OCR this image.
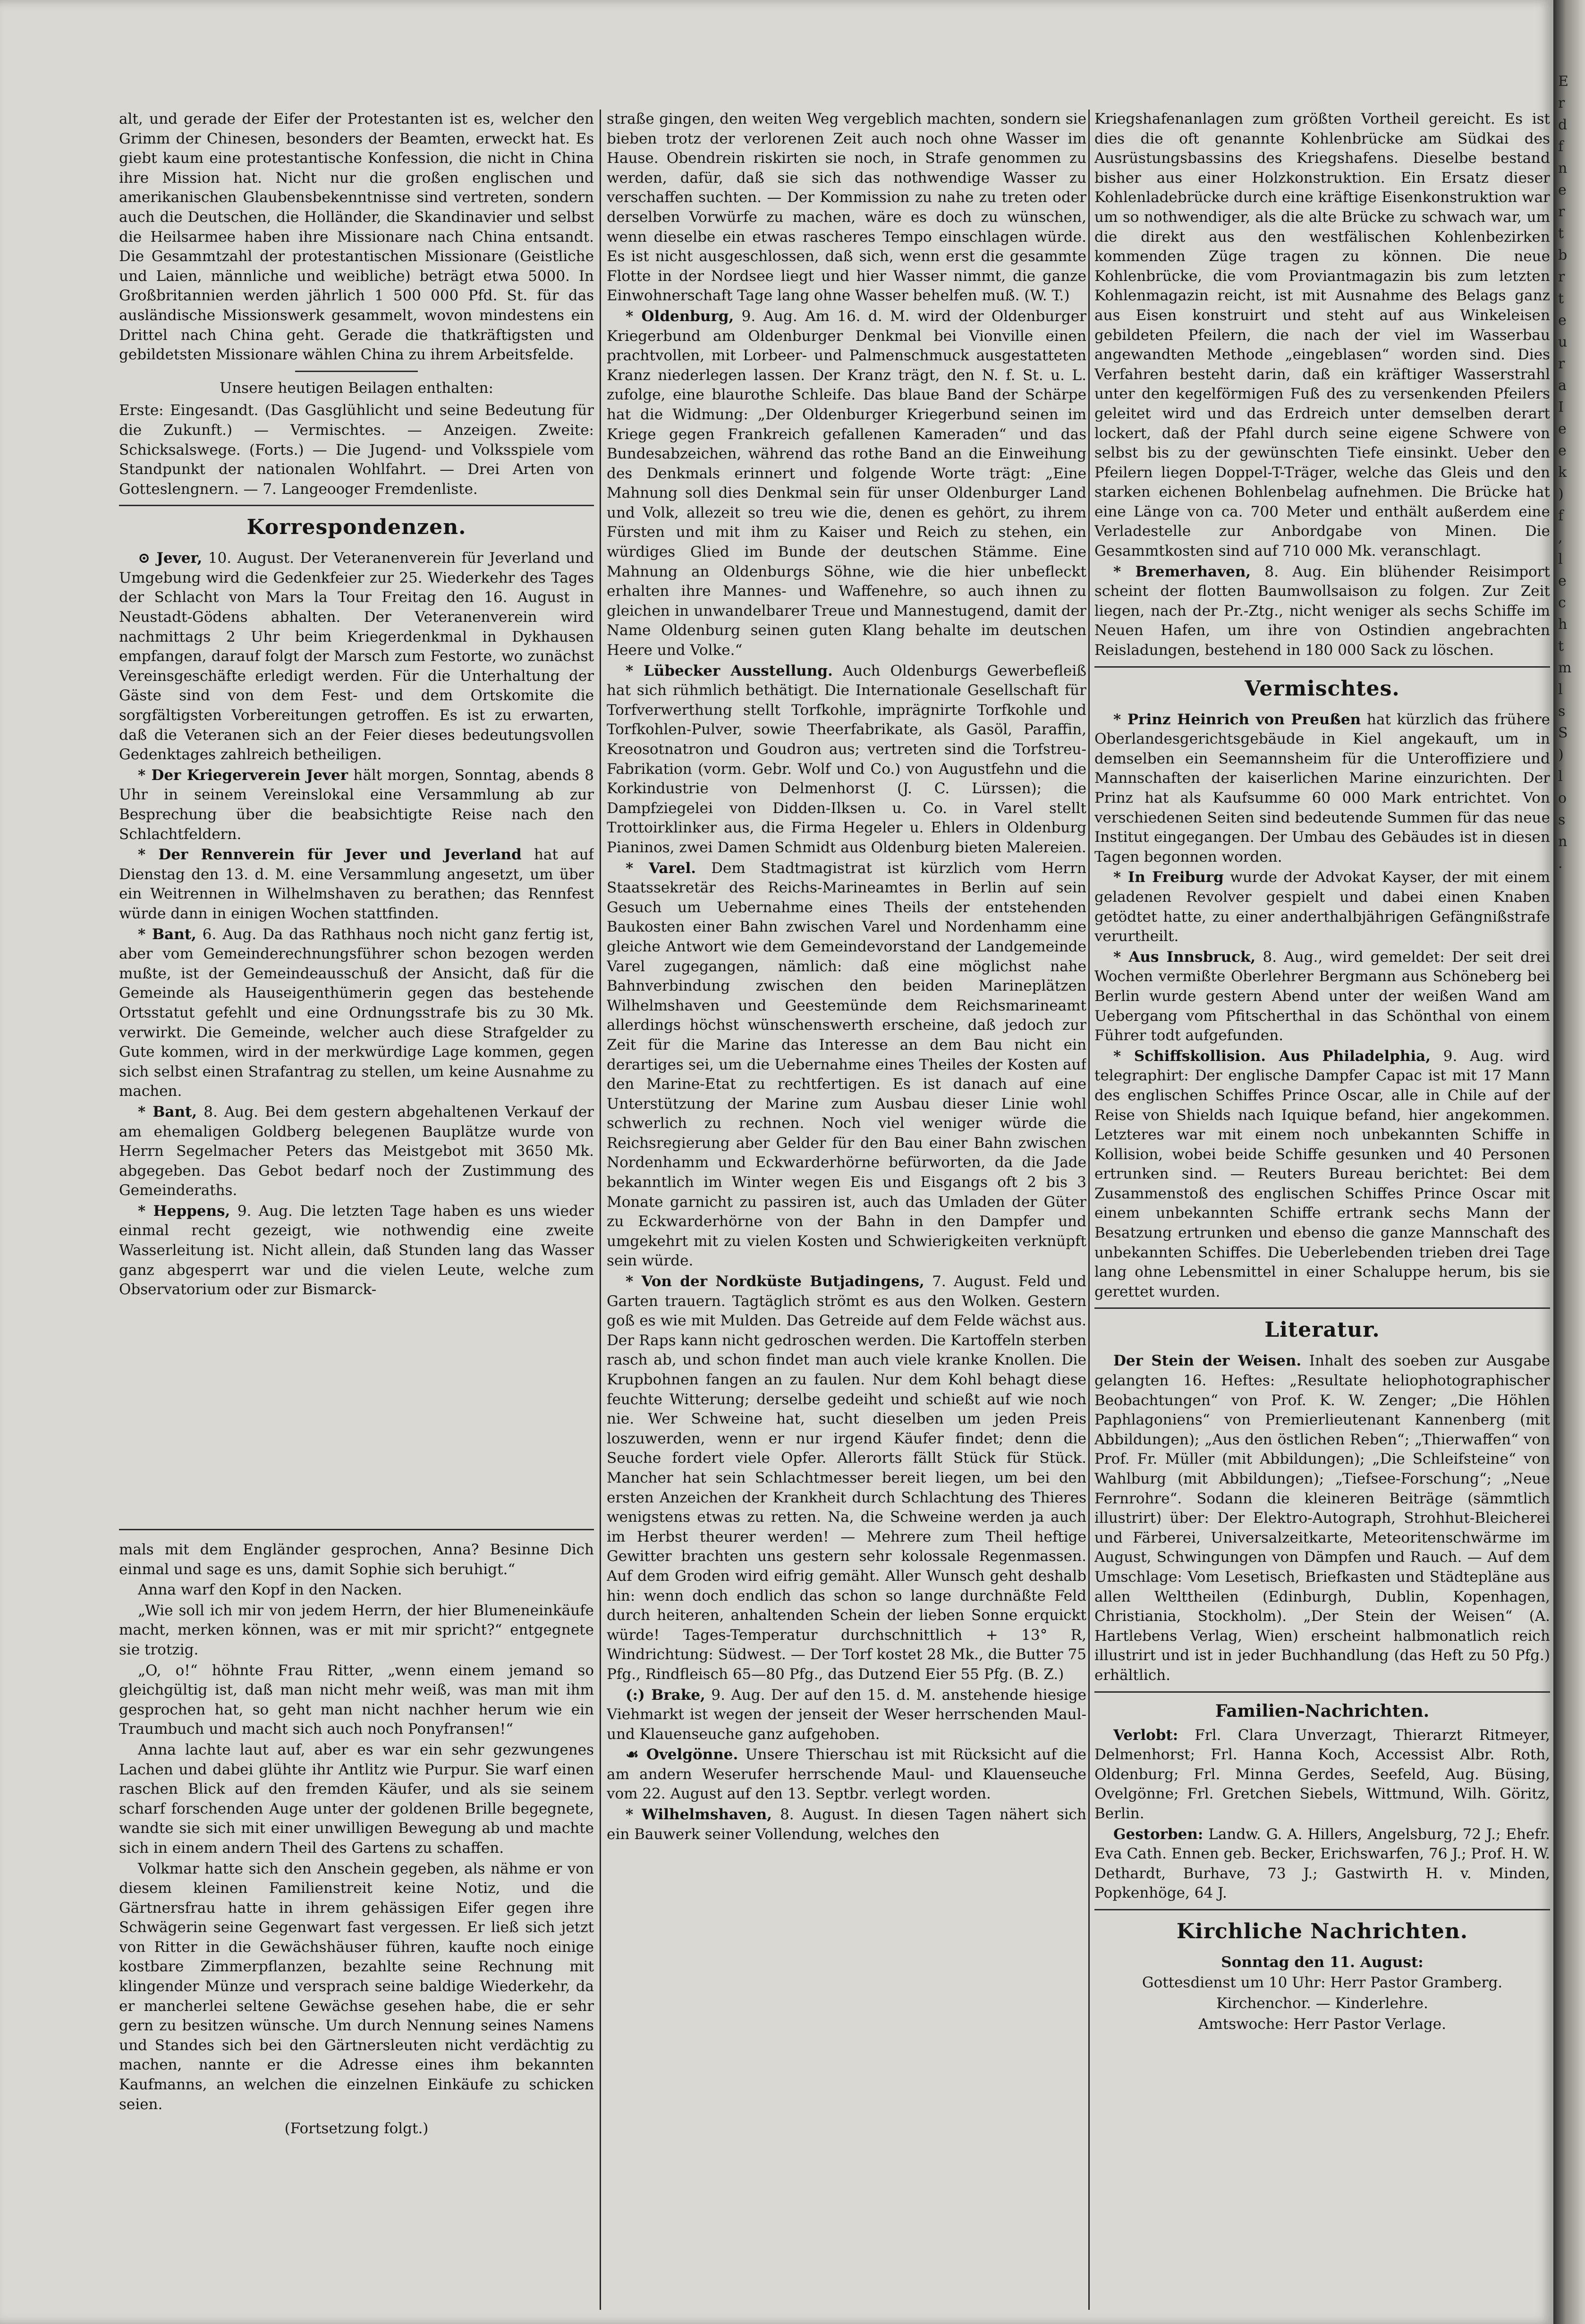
E
r
d
f
n
e
r
t
b
r
t
e
u
r
a
I
e
e
k
)
f
,
l
e
c
h
t
m
l
s
S
)
l
o
s
n
.

alt, und gerade der Eifer der Protestanten ist es, welcher den Grimm der Chinesen, besonders der Beamten, erweckt hat. Es giebt kaum eine protestantische Konfession, die nicht in China ihre Mission hat. Nicht nur die großen englischen und amerikanischen Glaubensbekenntnisse sind vertreten, sondern auch die Deutschen, die Holländer, die Skandinavier und selbst die Heilsarmee haben ihre Missionare nach China entsandt. Die Gesammtzahl der protestantischen Missionare (Geistliche und Laien, männliche und weibliche) beträgt etwa 5000. In Großbritannien werden jährlich 1 500 000 Pfd. St. für das ausländische Missionswerk gesammelt, wovon mindestens ein Drittel nach China geht. Gerade die thatkräftigsten und gebildetsten Missionare wählen China zu ihrem Arbeitsfelde.

Unsere heutigen Beilagen enthalten:

Erste: Eingesandt. (Das Gasglühlicht und seine Bedeutung für die Zukunft.) — Vermischtes. — Anzeigen. Zweite: Schicksalswege. (Forts.) — Die Jugend- und Volksspiele vom Standpunkt der nationalen Wohlfahrt. — Drei Arten von Gotteslengnern. — 7. Langeooger Fremdenliste.

Korrespondenzen.

⊙ Jever, 10. August. Der Veteranenverein für Jeverland und Umgebung wird die Gedenkfeier zur 25. Wiederkehr des Tages der Schlacht von Mars la Tour Freitag den 16. August in Neustadt-Gödens abhalten. Der Veteranenverein wird nachmittags 2 Uhr beim Kriegerdenkmal in Dykhausen empfangen, darauf folgt der Marsch zum Festorte, wo zunächst Vereinsgeschäfte erledigt werden. Für die Unterhaltung der Gäste sind von dem Fest- und dem Ortskomite die sorgfältigsten Vorbereitungen getroffen. Es ist zu erwarten, daß die Veteranen sich an der Feier dieses bedeutungsvollen Gedenktages zahlreich betheiligen.

* Der Kriegerverein Jever hält morgen, Sonntag, abends 8 Uhr in seinem Vereinslokal eine Versammlung ab zur Besprechung über die beabsichtigte Reise nach den Schlachtfeldern.

* Der Rennverein für Jever und Jeverland hat auf Dienstag den 13. d. M. eine Versammlung angesetzt, um über ein Weitrennen in Wilhelmshaven zu berathen; das Rennfest würde dann in einigen Wochen stattfinden.

* Bant, 6. Aug. Da das Rathhaus noch nicht ganz fertig ist, aber vom Gemeinderechnungsführer schon bezogen werden mußte, ist der Gemeindeausschuß der Ansicht, daß für die Gemeinde als Hauseigenthümerin gegen das bestehende Ortsstatut gefehlt und eine Ordnungsstrafe bis zu 30 Mk. verwirkt. Die Gemeinde, welcher auch diese Strafgelder zu Gute kommen, wird in der merkwürdige Lage kommen, gegen sich selbst einen Strafantrag zu stellen, um keine Ausnahme zu machen.

* Bant, 8. Aug. Bei dem gestern abgehaltenen Verkauf der am ehemaligen Goldberg belegenen Bauplätze wurde von Herrn Segelmacher Peters das Meistgebot mit 3650 Mk. abgegeben. Das Gebot bedarf noch der Zustimmung des Gemeinderaths.

* Heppens, 9. Aug. Die letzten Tage haben es uns wieder einmal recht gezeigt, wie nothwendig eine zweite Wasserleitung ist. Nicht allein, daß Stunden lang das Wasser ganz abgesperrt war und die vielen Leute, welche zum Observatorium oder zur Bismarck-

mals mit dem Engländer gesprochen, Anna? Besinne Dich einmal und sage es uns, damit Sophie sich beruhigt.“

Anna warf den Kopf in den Nacken.

„Wie soll ich mir von jedem Herrn, der hier Blumeneinkäufe macht, merken können, was er mit mir spricht?“ entgegnete sie trotzig.

„O, o!“ höhnte Frau Ritter, „wenn einem jemand so gleichgültig ist, daß man nicht mehr weiß, was man mit ihm gesprochen hat, so geht man nicht nachher herum wie ein Traumbuch und macht sich auch noch Ponyfransen!“

Anna lachte laut auf, aber es war ein sehr gezwungenes Lachen und dabei glühte ihr Antlitz wie Purpur. Sie warf einen raschen Blick auf den fremden Käufer, und als sie seinem scharf forschenden Auge unter der goldenen Brille begegnete, wandte sie sich mit einer unwilligen Bewegung ab und machte sich in einem andern Theil des Gartens zu schaffen.

Volkmar hatte sich den Anschein gegeben, als nähme er von diesem kleinen Familienstreit keine Notiz, und die Gärtnersfrau hatte in ihrem gehässigen Eifer gegen ihre Schwägerin seine Gegenwart fast vergessen. Er ließ sich jetzt von Ritter in die Gewächshäuser führen, kaufte noch einige kostbare Zimmerpflanzen, bezahlte seine Rechnung mit klingender Münze und versprach seine baldige Wiederkehr, da er mancherlei seltene Gewächse gesehen habe, die er sehr gern zu besitzen wünsche. Um durch Nennung seines Namens und Standes sich bei den Gärtnersleuten nicht verdächtig zu machen, nannte er die Adresse eines ihm bekannten Kaufmanns, an welchen die einzelnen Einkäufe zu schicken seien.

(Fortsetzung folgt.)

straße gingen, den weiten Weg vergeblich machten, sondern sie bieben trotz der verlorenen Zeit auch noch ohne Wasser im Hause. Obendrein riskirten sie noch, in Strafe genommen zu werden, dafür, daß sie sich das nothwendige Wasser zu verschaffen suchten. — Der Kommission zu nahe zu treten oder derselben Vorwürfe zu machen, wäre es doch zu wünschen, wenn dieselbe ein etwas rascheres Tempo einschlagen würde. Es ist nicht ausgeschlossen, daß sich, wenn erst die gesammte Flotte in der Nordsee liegt und hier Wasser nimmt, die ganze Einwohnerschaft Tage lang ohne Wasser behelfen muß. (W. T.)

* Oldenburg, 9. Aug. Am 16. d. M. wird der Oldenburger Kriegerbund am Oldenburger Denkmal bei Vionville einen prachtvollen, mit Lorbeer- und Palmenschmuck ausgestatteten Kranz niederlegen lassen. Der Kranz trägt, den N. f. St. u. L. zufolge, eine blaurothe Schleife. Das blaue Band der Schärpe hat die Widmung: „Der Oldenburger Kriegerbund seinen im Kriege gegen Frankreich gefallenen Kameraden“ und das Bundesabzeichen, während das rothe Band an die Einweihung des Denkmals erinnert und folgende Worte trägt: „Eine Mahnung soll dies Denkmal sein für unser Oldenburger Land und Volk, allezeit so treu wie die, denen es gehört, zu ihrem Fürsten und mit ihm zu Kaiser und Reich zu stehen, ein würdiges Glied im Bunde der deutschen Stämme. Eine Mahnung an Oldenburgs Söhne, wie die hier unbefleckt erhalten ihre Mannes- und Waffenehre, so auch ihnen zu gleichen in unwandelbarer Treue und Mannestugend, damit der Name Oldenburg seinen guten Klang behalte im deutschen Heere und Volke.“

* Lübecker Ausstellung. Auch Oldenburgs Gewerbefleiß hat sich rühmlich bethätigt. Die Internationale Gesellschaft für Torfverwerthung stellt Torfkohle, imprägnirte Torfkohle und Torfkohlen-Pulver, sowie Theerfabrikate, als Gasöl, Paraffin, Kreosotnatron und Goudron aus; vertreten sind die Torfstreu-Fabrikation (vorm. Gebr. Wolf und Co.) von Augustfehn und die Korkindustrie von Delmenhorst (J. C. Lürssen); die Dampfziegelei von Didden-Ilksen u. Co. in Varel stellt Trottoirklinker aus, die Firma Hegeler u. Ehlers in Oldenburg Pianinos, zwei Damen Schmidt aus Oldenburg bieten Malereien.

* Varel. Dem Stadtmagistrat ist kürzlich vom Herrn Staatssekretär des Reichs-Marineamtes in Berlin auf sein Gesuch um Uebernahme eines Theils der entstehenden Baukosten einer Bahn zwischen Varel und Nordenhamm eine gleiche Antwort wie dem Gemeindevorstand der Landgemeinde Varel zugegangen, nämlich: daß eine möglichst nahe Bahnverbindung zwischen den beiden Marineplätzen Wilhelmshaven und Geestemünde dem Reichsmarineamt allerdings höchst wünschenswerth erscheine, daß jedoch zur Zeit für die Marine das Interesse an dem Bau nicht ein derartiges sei, um die Uebernahme eines Theiles der Kosten auf den Marine-Etat zu rechtfertigen. Es ist danach auf eine Unterstützung der Marine zum Ausbau dieser Linie wohl schwerlich zu rechnen. Noch viel weniger würde die Reichsregierung aber Gelder für den Bau einer Bahn zwischen Nordenhamm und Eckwarderhörne befürworten, da die Jade bekanntlich im Winter wegen Eis und Eisgangs oft 2 bis 3 Monate garnicht zu passiren ist, auch das Umladen der Güter zu Eckwarderhörne von der Bahn in den Dampfer und umgekehrt mit zu vielen Kosten und Schwierigkeiten verknüpft sein würde.

* Von der Nordküste Butjadingens, 7. August. Feld und Garten trauern. Tagtäglich strömt es aus den Wolken. Gestern goß es wie mit Mulden. Das Getreide auf dem Felde wächst aus. Der Raps kann nicht gedroschen werden. Die Kartoffeln sterben rasch ab, und schon findet man auch viele kranke Knollen. Die Krupbohnen fangen an zu faulen. Nur dem Kohl behagt diese feuchte Witterung; derselbe gedeiht und schießt auf wie noch nie. Wer Schweine hat, sucht dieselben um jeden Preis loszuwerden, wenn er nur irgend Käufer findet; denn die Seuche fordert viele Opfer. Allerorts fällt Stück für Stück. Mancher hat sein Schlachtmesser bereit liegen, um bei den ersten Anzeichen der Krankheit durch Schlachtung des Thieres wenigstens etwas zu retten. Na, die Schweine werden ja auch im Herbst theurer werden! — Mehrere zum Theil heftige Gewitter brachten uns gestern sehr kolossale Regenmassen. Auf dem Groden wird eifrig gemäht. Aller Wunsch geht deshalb hin: wenn doch endlich das schon so lange durchnäßte Feld durch heiteren, anhaltenden Schein der lieben Sonne erquickt würde! Tages-Temperatur durchschnittlich + 13° R, Windrichtung: Südwest. — Der Torf kostet 28 Mk., die Butter 75 Pfg., Rindfleisch 65—80 Pfg., das Dutzend Eier 55 Pfg. (B. Z.)

(:) Brake, 9. Aug. Der auf den 15. d. M. anstehende hiesige Viehmarkt ist wegen der jenseit der Weser herrschenden Maul- und Klauenseuche ganz aufgehoben.

☙ Ovelgönne. Unsere Thierschau ist mit Rücksicht auf die am andern Weserufer herrschende Maul- und Klauenseuche vom 22. August auf den 13. Septbr. verlegt worden.

* Wilhelmshaven, 8. August. In diesen Tagen nähert sich ein Bauwerk seiner Vollendung, welches den

Kriegshafenanlagen zum größten Vortheil gereicht. Es ist dies die oft genannte Kohlenbrücke am Südkai des Ausrüstungsbassins des Kriegshafens. Dieselbe bestand bisher aus einer Holzkonstruktion. Ein Ersatz dieser Kohlenladebrücke durch eine kräftige Eisenkonstruktion war um so nothwendiger, als die alte Brücke zu schwach war, um die direkt aus den westfälischen Kohlenbezirken kommenden Züge tragen zu können. Die neue Kohlenbrücke, die vom Proviantmagazin bis zum letzten Kohlenmagazin reicht, ist mit Ausnahme des Belags ganz aus Eisen konstruirt und steht auf aus Winkeleisen gebildeten Pfeilern, die nach der viel im Wasserbau angewandten Methode „eingeblasen“ worden sind. Dies Verfahren besteht darin, daß ein kräftiger Wasserstrahl unter den kegelförmigen Fuß des zu versenkenden Pfeilers geleitet wird und das Erdreich unter demselben derart lockert, daß der Pfahl durch seine eigene Schwere von selbst bis zu der gewünschten Tiefe einsinkt. Ueber den Pfeilern liegen Doppel-T-Träger, welche das Gleis und den starken eichenen Bohlenbelag aufnehmen. Die Brücke hat eine Länge von ca. 700 Meter und enthält außerdem eine Verladestelle zur Anbordgabe von Minen. Die Gesammtkosten sind auf 710 000 Mk. veranschlagt.

* Bremerhaven, 8. Aug. Ein blühender Reisimport scheint der flotten Baumwollsaison zu folgen. Zur Zeit liegen, nach der Pr.-Ztg., nicht weniger als sechs Schiffe im Neuen Hafen, um ihre von Ostindien angebrachten Reisladungen, bestehend in 180 000 Sack zu löschen.

Vermischtes.

* Prinz Heinrich von Preußen hat kürzlich das frühere Oberlandesgerichtsgebäude in Kiel angekauft, um in demselben ein Seemannsheim für die Unteroffiziere und Mannschaften der kaiserlichen Marine einzurichten. Der Prinz hat als Kaufsumme 60 000 Mark entrichtet. Von verschiedenen Seiten sind bedeutende Summen für das neue Institut eingegangen. Der Umbau des Gebäudes ist in diesen Tagen begonnen worden.

* In Freiburg wurde der Advokat Kayser, der mit einem geladenen Revolver gespielt und dabei einen Knaben getödtet hatte, zu einer anderthalbjährigen Gefängnißstrafe verurtheilt.

* Aus Innsbruck, 8. Aug., wird gemeldet: Der seit drei Wochen vermißte Oberlehrer Bergmann aus Schöneberg bei Berlin wurde gestern Abend unter der weißen Wand am Uebergang vom Pfitscherthal in das Schönthal von einem Führer todt aufgefunden.

* Schiffskollision. Aus Philadelphia, 9. Aug. wird telegraphirt: Der englische Dampfer Capac ist mit 17 Mann des englischen Schiffes Prince Oscar, alle in Chile auf der Reise von Shields nach Iquique befand, hier angekommen. Letzteres war mit einem noch unbekannten Schiffe in Kollision, wobei beide Schiffe gesunken und 40 Personen ertrunken sind. — Reuters Bureau berichtet: Bei dem Zusammenstoß des englischen Schiffes Prince Oscar mit einem unbekannten Schiffe ertrank sechs Mann der Besatzung ertrunken und ebenso die ganze Mannschaft des unbekannten Schiffes. Die Ueberlebenden trieben drei Tage lang ohne Lebensmittel in einer Schaluppe herum, bis sie gerettet wurden.

Literatur.

Der Stein der Weisen. Inhalt des soeben zur Ausgabe gelangten 16. Heftes: „Resultate heliophotographischer Beobachtungen“ von Prof. K. W. Zenger; „Die Höhlen Paphlagoniens“ von Premierlieutenant Kannenberg (mit Abbildungen); „Aus den östlichen Reben“; „Thierwaffen“ von Prof. Fr. Müller (mit Abbildungen); „Die Schleifsteine“ von Wahlburg (mit Abbildungen); „Tiefsee-Forschung“; „Neue Fernrohre“. Sodann die kleineren Beiträge (sämmtlich illustrirt) über: Der Elektro-Autograph, Strohhut-Bleicherei und Färberei, Universalzeitkarte, Meteoritenschwärme im August, Schwingungen von Dämpfen und Rauch. — Auf dem Umschlage: Vom Lesetisch, Briefkasten und Städtepläne aus allen Welttheilen (Edinburgh, Dublin, Kopenhagen, Christiania, Stockholm). „Der Stein der Weisen“ (A. Hartlebens Verlag, Wien) erscheint halbmonatlich reich illustrirt und ist in jeder Buchhandlung (das Heft zu 50 Pfg.) erhältlich.

Familien-Nachrichten.

Verlobt: Frl. Clara Unverzagt, Thierarzt Ritmeyer, Delmenhorst; Frl. Hanna Koch, Accessist Albr. Roth, Oldenburg; Frl. Minna Gerdes, Seefeld, Aug. Büsing, Ovelgönne; Frl. Gretchen Siebels, Wittmund, Wilh. Göritz, Berlin.

Gestorben: Landw. G. A. Hillers, Angelsburg, 72 J.; Ehefr. Eva Cath. Ennen geb. Becker, Erichswarfen, 76 J.; Prof. H. W. Dethardt, Burhave, 73 J.; Gastwirth H. v. Minden, Popkenhöge, 64 J.

Kirchliche Nachrichten.

Sonntag den 11. August:

Gottesdienst um 10 Uhr: Herr Pastor Gramberg.

Kirchenchor. — Kinderlehre.

Amtswoche: Herr Pastor Verlage.
